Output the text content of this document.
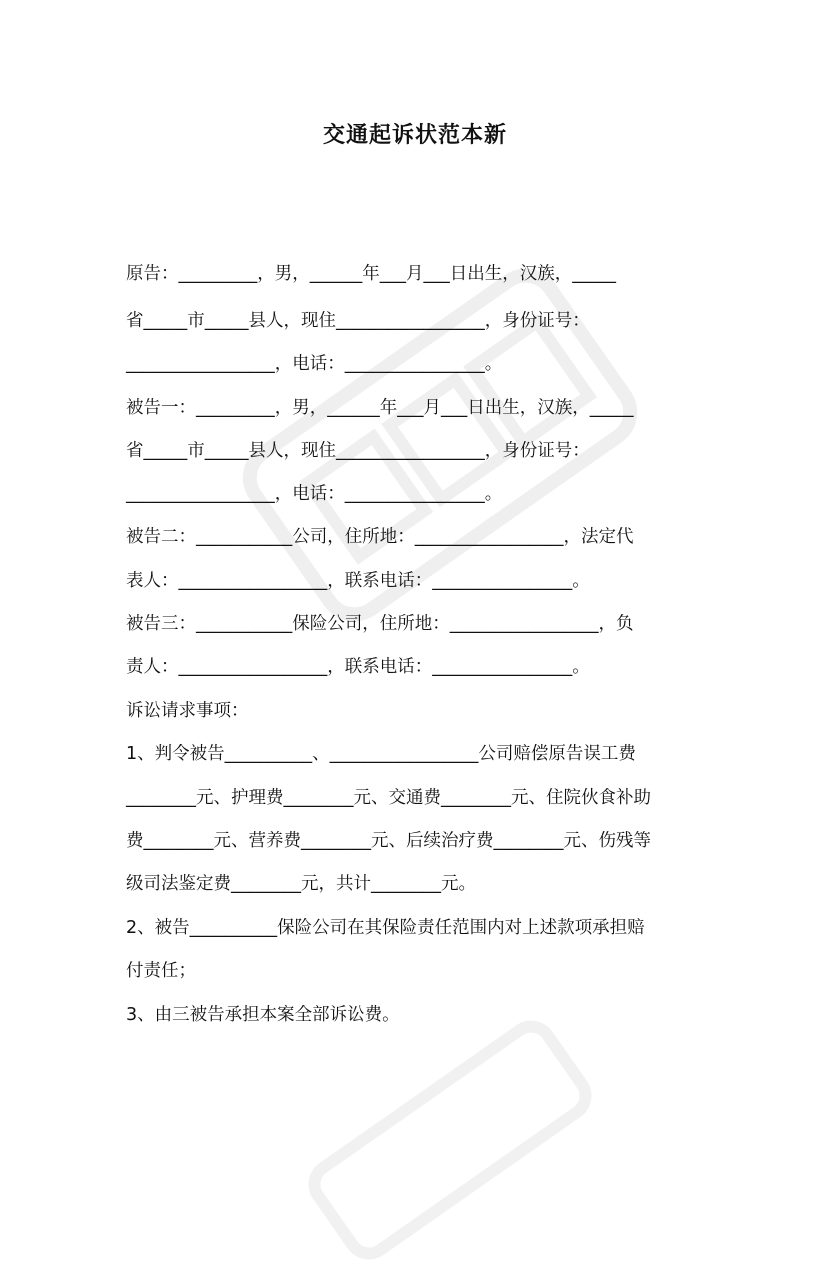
交通起诉状范本新
原告：_________，男，______年___月___日出生，汉族，_____
省_____市_____县人，现住_________________，身份证号：
_________________，电话：________________。
被告一：_________，男，______年___月___日出生，汉族，_____
省_____市_____县人，现住_________________，身份证号：
_________________，电话：________________。
被告二：___________公司，住所地：_________________，法定代
表人：_________________，联系电话：________________。
被告三：___________保险公司，住所地：_________________，负
责人：_________________，联系电话：________________。
诉讼请求事项：
1、判令被告__________、_________________公司赔偿原告误工费
________元、护理费________元、交通费________元、住院伙食补助
费________元、营养费________元、后续治疗费________元、伤残等
级司法鉴定费________元，共计________元。
2、被告__________保险公司在其保险责任范围内对上述款项承担赔
付责任；
3、由三被告承担本案全部诉讼费。
